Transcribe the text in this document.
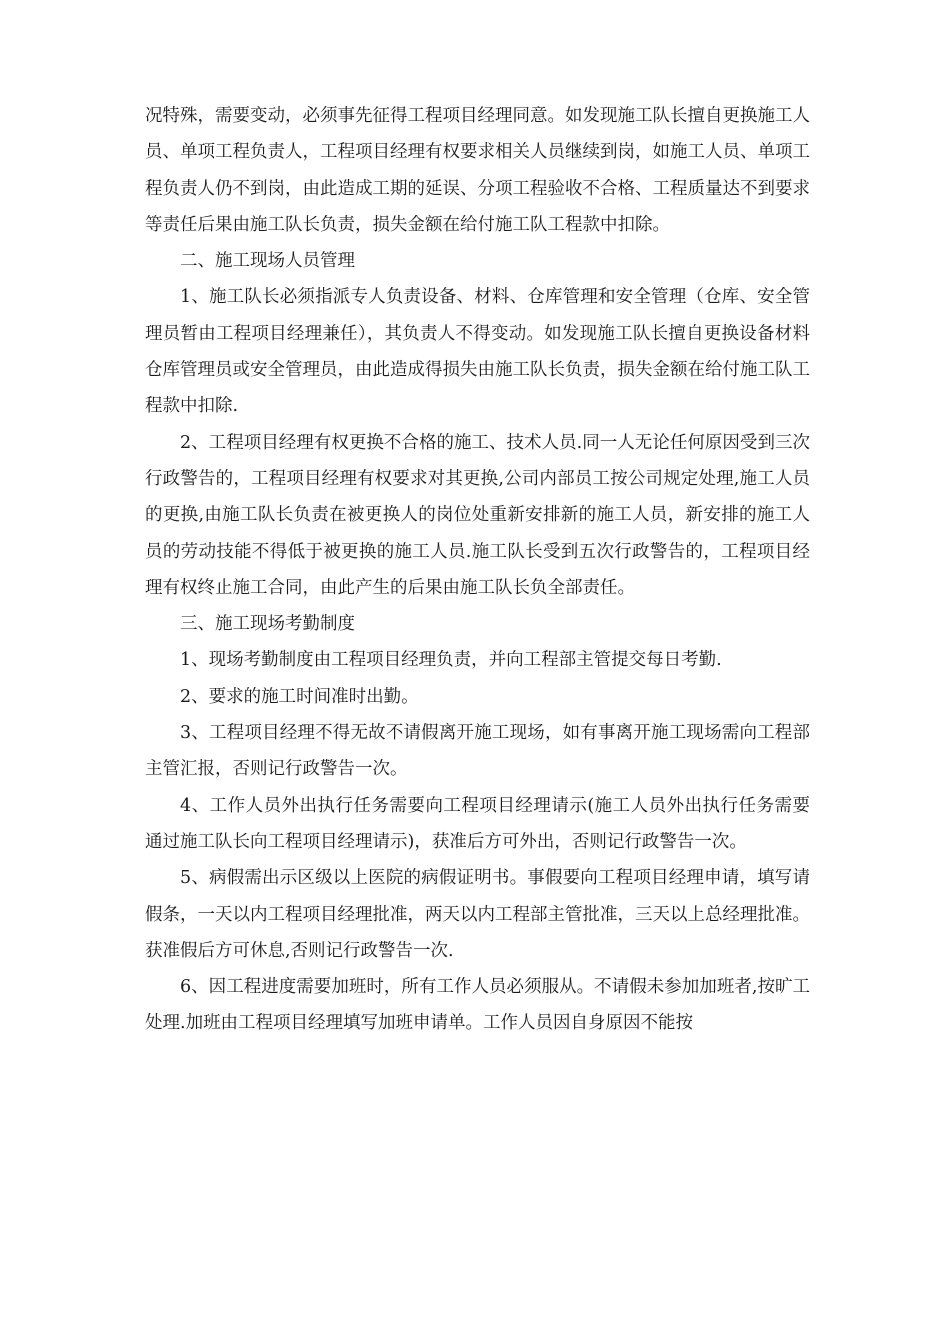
况特殊，需要变动，必须事先征得工程项目经理同意。如发现施工队长擅自更换施工人员、单项工程负责人，工程项目经理有权要求相关人员继续到岗，如施工人员、单项工程负责人仍不到岗，由此造成工期的延误、分项工程验收不合格、工程质量达不到要求等责任后果由施工队长负责，损失金额在给付施工队工程款中扣除。

二、施工现场人员管理

1、施工队长必须指派专人负责设备、材料、仓库管理和安全管理（仓库、安全管理员暂由工程项目经理兼任），其负责人不得变动。如发现施工队长擅自更换设备材料仓库管理员或安全管理员，由此造成得损失由施工队长负责，损失金额在给付施工队工程款中扣除.

2、工程项目经理有权更换不合格的施工、技术人员.同一人无论任何原因受到三次行政警告的，工程项目经理有权要求对其更换,公司内部员工按公司规定处理,施工人员的更换,由施工队长负责在被更换人的岗位处重新安排新的施工人员，新安排的施工人员的劳动技能不得低于被更换的施工人员.施工队长受到五次行政警告的，工程项目经理有权终止施工合同，由此产生的后果由施工队长负全部责任。

三、施工现场考勤制度

1、现场考勤制度由工程项目经理负责，并向工程部主管提交每日考勤.

2、要求的施工时间准时出勤。

3、工程项目经理不得无故不请假离开施工现场，如有事离开施工现场需向工程部主管汇报，否则记行政警告一次。

4、工作人员外出执行任务需要向工程项目经理请示(施工人员外出执行任务需要通过施工队长向工程项目经理请示)，获准后方可外出，否则记行政警告一次。

5、病假需出示区级以上医院的病假证明书。事假要向工程项目经理申请，填写请假条，一天以内工程项目经理批准，两天以内工程部主管批准，三天以上总经理批准。获准假后方可休息,否则记行政警告一次.

6、因工程进度需要加班时，所有工作人员必须服从。不请假未参加加班者,按旷工处理.加班由工程项目经理填写加班申请单。工作人员因自身原因不能按
